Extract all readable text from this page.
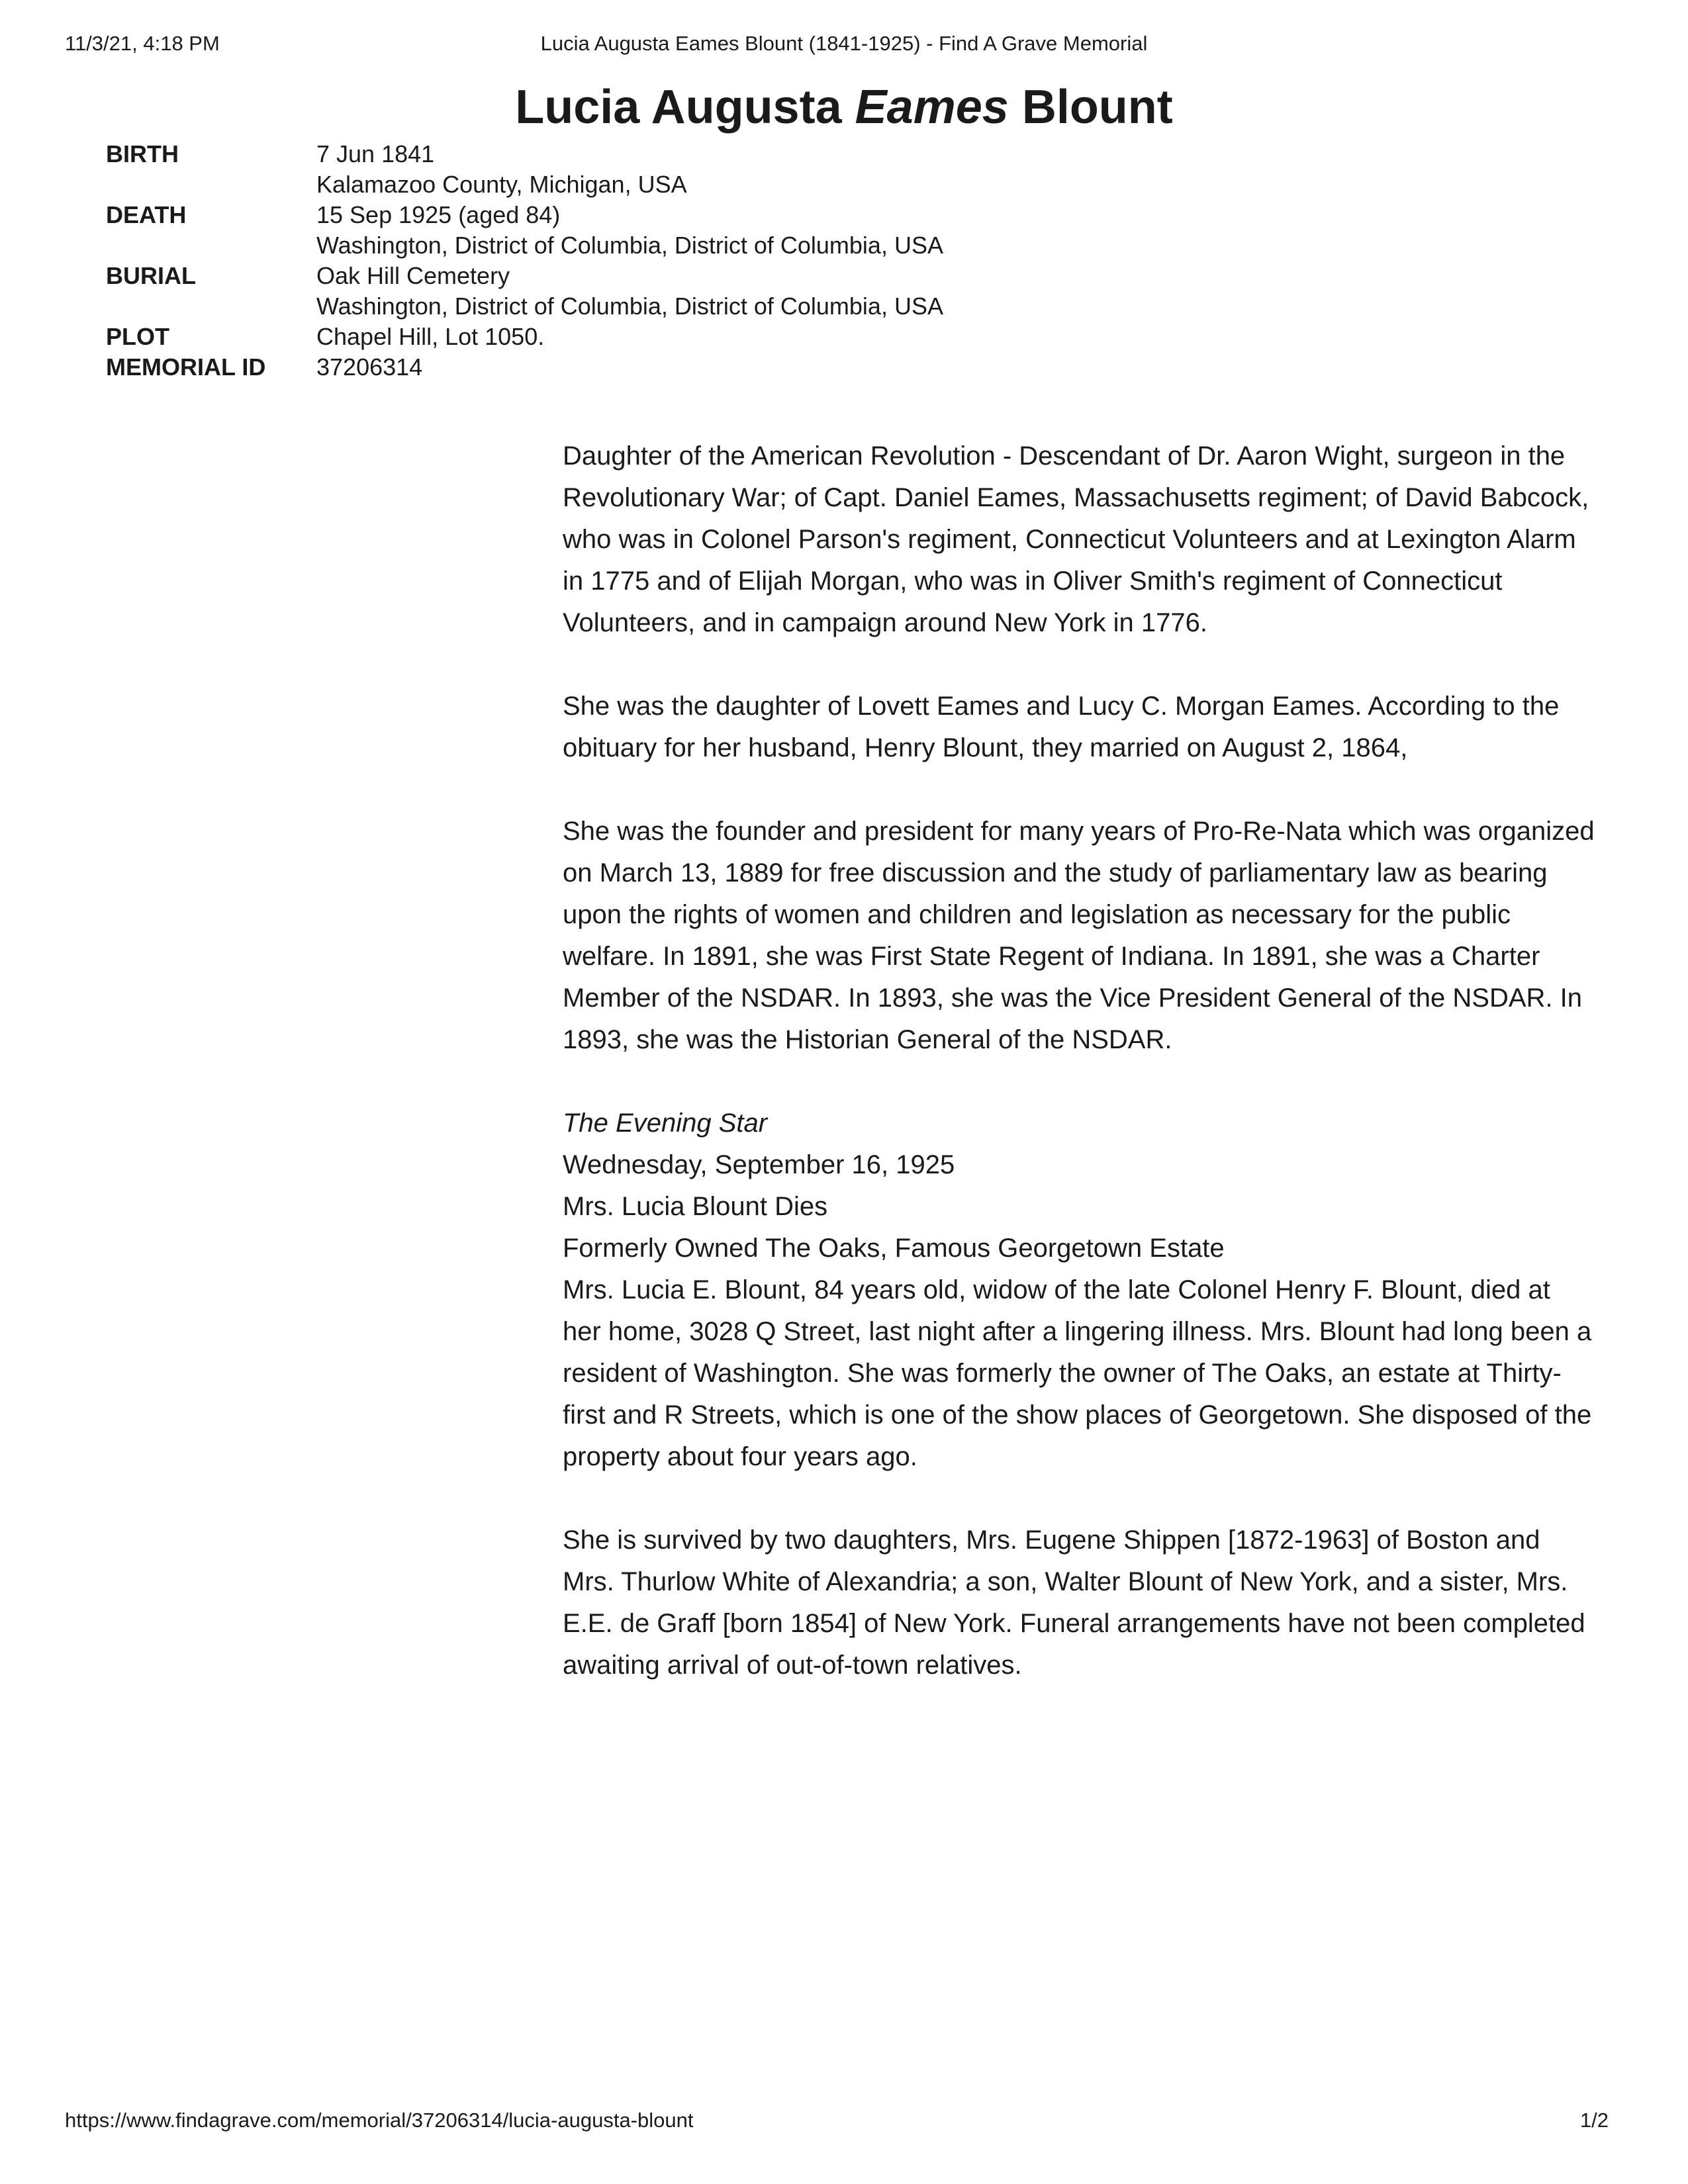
11/3/21, 4:18 PM	Lucia Augusta Eames Blount (1841-1925) - Find A Grave Memorial
Lucia Augusta Eames Blount
BIRTH	7 Jun 1841
Kalamazoo County, Michigan, USA
DEATH	15 Sep 1925 (aged 84)
Washington, District of Columbia, District of Columbia, USA
BURIAL	Oak Hill Cemetery
Washington, District of Columbia, District of Columbia, USA
PLOT	Chapel Hill, Lot 1050.
MEMORIAL ID	37206314

Daughter of the American Revolution - Descendant of Dr. Aaron Wight, surgeon in the Revolutionary War; of Capt. Daniel Eames, Massachusetts regiment; of David Babcock, who was in Colonel Parson's regiment, Connecticut Volunteers and at Lexington Alarm in 1775 and of Elijah Morgan, who was in Oliver Smith's regiment of Connecticut Volunteers, and in campaign around New York in 1776.

She was the daughter of Lovett Eames and Lucy C. Morgan Eames. According to the obituary for her husband, Henry Blount, they married on August 2, 1864,

She was the founder and president for many years of Pro-Re-Nata which was organized on March 13, 1889 for free discussion and the study of parliamentary law as bearing upon the rights of women and children and legislation as necessary for the public welfare. In 1891, she was First State Regent of Indiana. In 1891, she was a Charter Member of the NSDAR. In 1893, she was the Vice President General of the NSDAR. In 1893, she was the Historian General of the NSDAR.

The Evening Star
Wednesday, September 16, 1925
Mrs. Lucia Blount Dies
Formerly Owned The Oaks, Famous Georgetown Estate
Mrs. Lucia E. Blount, 84 years old, widow of the late Colonel Henry F. Blount, died at her home, 3028 Q Street, last night after a lingering illness. Mrs. Blount had long been a resident of Washington. She was formerly the owner of The Oaks, an estate at Thirty-first and R Streets, which is one of the show places of Georgetown. She disposed of the property about four years ago.

She is survived by two daughters, Mrs. Eugene Shippen [1872-1963] of Boston and Mrs. Thurlow White of Alexandria; a son, Walter Blount of New York, and a sister, Mrs. E.E. de Graff [born 1854] of New York. Funeral arrangements have not been completed awaiting arrival of out-of-town relatives.

https://www.findagrave.com/memorial/37206314/lucia-augusta-blount	1/2
